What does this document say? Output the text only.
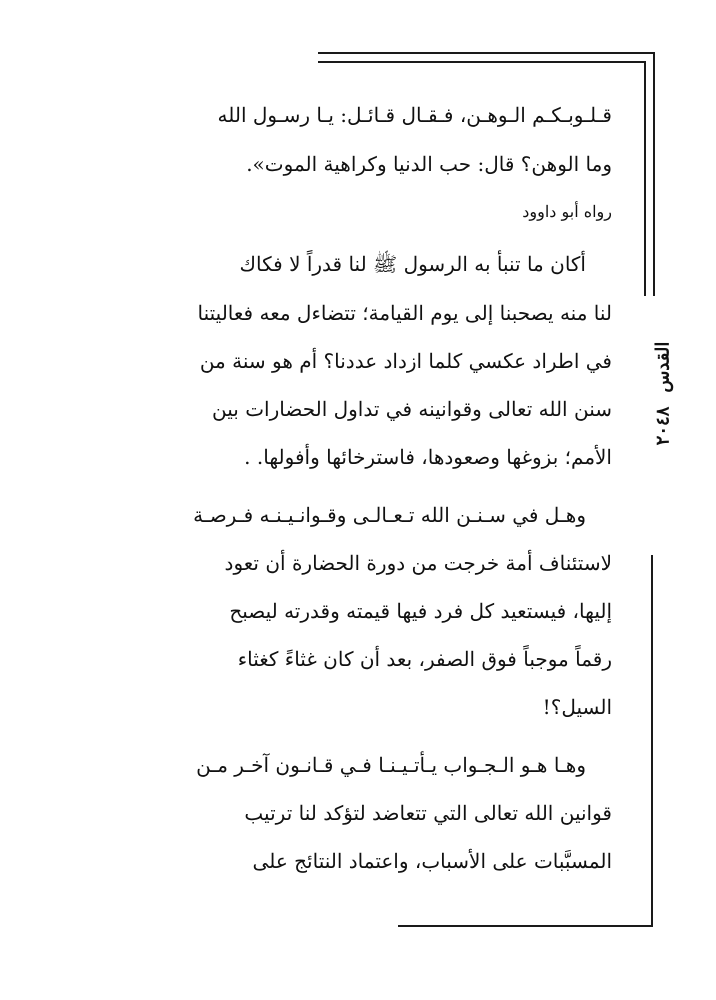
القدس
٢٠٤٨
قـلـوبـكـم الـوهـن، فـقـال قـائـل: يـا رسـول الله
وما الوهن؟ قال: حب الدنيا وكراهية الموت».
رواه أبو داوود
أكان ما تنبأ به الرسول ﷺ لنا قدراً لا فكاك
لنا منه يصحبنا إلى يوم القيامة؛ تتضاءل معه فعاليتنا
في اطراد عكسي كلما ازداد عددنا؟ أم هو سنة من
سنن الله تعالى وقوانينه في تداول الحضارات بين
الأمم؛ بزوغها وصعودها، فاسترخائها وأفولها. .
وهـل في سـنـن الله تـعـالـى وقـوانـيـنـه فـرصـة
لاستئناف أمة خرجت من دورة الحضارة أن تعود
إليها، فيستعيد كل فرد فيها قيمته وقدرته ليصبح
رقماً موجباً فوق الصفر، بعد أن كان غثاءً كغثاء
السيل؟!
وهـا هـو الـجـواب يـأتـيـنـا فـي قـانـون آخـر مـن
قوانين الله تعالى التي تتعاضد لتؤكد لنا ترتيب
المسبَّبات على الأسباب، واعتماد النتائج على
